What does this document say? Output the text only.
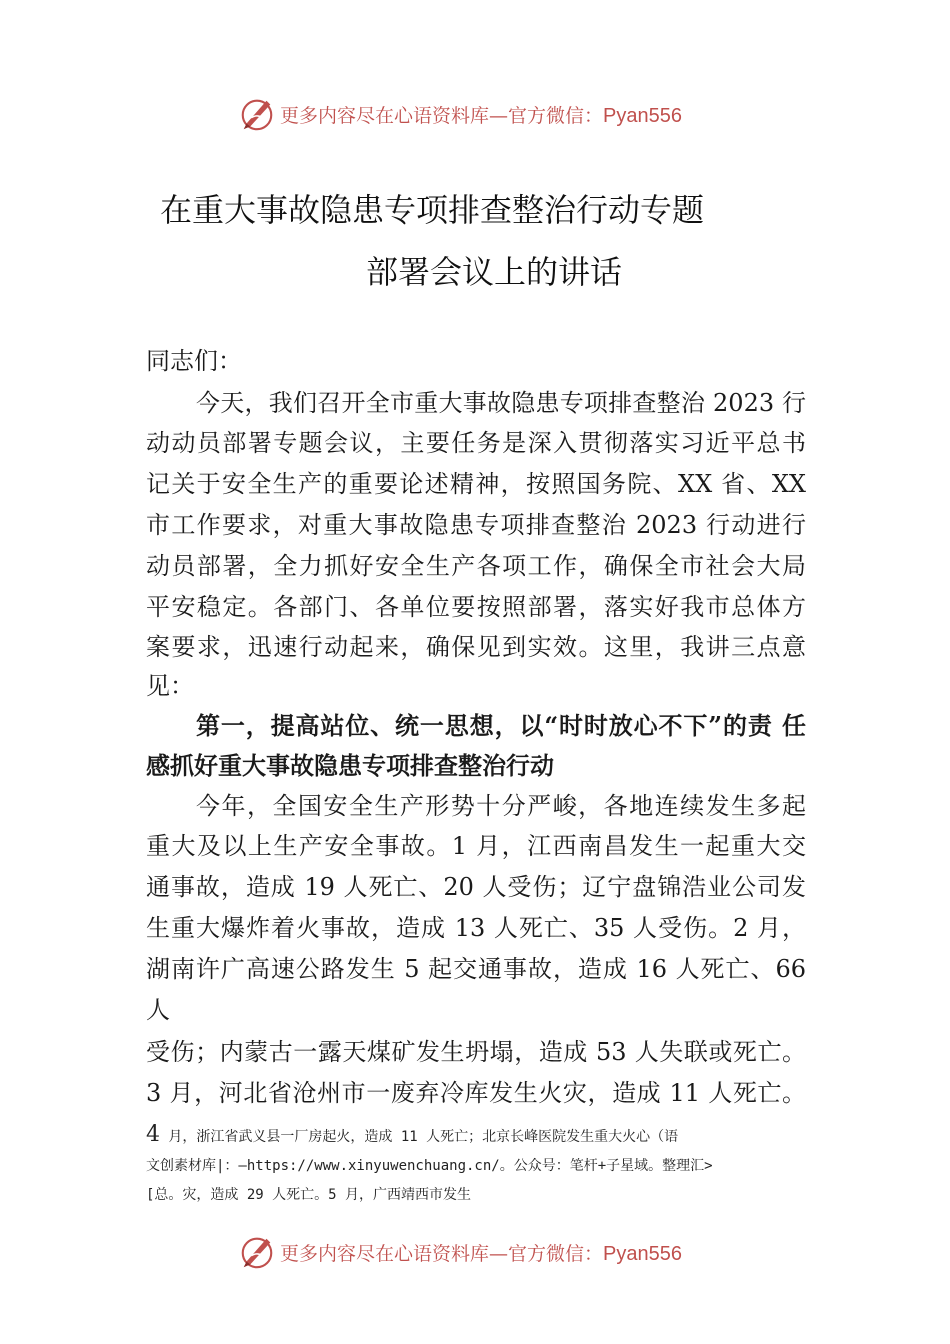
更多内容尽在心语资料库—官方微信：Pyan556
在重大事故隐患专项排查整治行动专题
部署会议上的讲话
同志们：
今天，我们召开全市重大事故隐患专项排查整治 2023 行
动动员部署专题会议，主要任务是深入贯彻落实习近平总书
记关于安全生产的重要论述精神，按照国务院、XX 省、XX
市工作要求，对重大事故隐患专项排查整治 2023 行动进行
动员部署，全力抓好安全生产各项工作，确保全市社会大局
平安稳定。各部门、各单位要按照部署，落实好我市总体方
案要求，迅速行动起来，确保见到实效。这里，我讲三点意
见：
第一，提高站位、统一思想，以“时时放心不下”的责 任
感抓好重大事故隐患专项排查整治行动
今年，全国安全生产形势十分严峻，各地连续发生多起
重大及以上生产安全事故。1 月，江西南昌发生一起重大交
通事故，造成 19 人死亡、20 人受伤；辽宁盘锦浩业公司发
生重大爆炸着火事故，造成 13 人死亡、35 人受伤。2 月，
湖南许广高速公路发生 5 起交通事故，造成 16 人死亡、66
人
受伤；内蒙古一露天煤矿发生坍塌，造成 53 人失联或死亡。
3 月，河北省沧州市一废弃冷库发生火灾，造成 11 人死亡。
4 月，浙江省武义县一厂房起火，造成 11 人死亡；北京长峰医院发生重大火心（语
文创素材库|：—https://www.xinyuwenchuang.cn/。公众号：笔杆+子星域。整理汇>
[总。灾，造成 29 人死亡。5 月，广西靖西市发生
更多内容尽在心语资料库—官方微信：Pyan556
